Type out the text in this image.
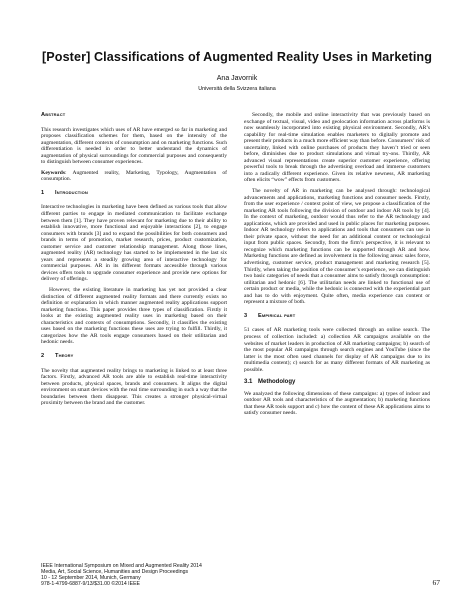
[Poster] Classifications of Augmented Reality Uses in Marketing
Ana Javornik
Università della Svizzera italiana
Abstract

This research investigates which uses of AR have emerged so far in marketing and proposes classification schemes for them, based on the intensity of the augmentation, different contexts of consumption and on marketing functions. Such differentiation is needed in order to better understand the dynamics of augmentation of physical surroundings for commercial purposes and consequently to distinguish between consumer experiences.

Keywords: Augmented reality, Marketing, Typology, Augmentation of consumption.

1 Introduction

Interactive technologies in marketing have been defined as various tools that allow different parties to engage in mediated communication to facilitate exchange between them [1]. They have proven relevant for marketing due to their ability to establish innovative, more functional and enjoyable interactions [2], to engage consumers with brands [3] and to expand the possibilities for both consumers and brands in terms of promotion, market research, prices, product customization, customer service and customer relationship management. Along those lines, augmented reality (AR) technology has started to be implemented in the last six years and represents a steadily growing area of interactive technology for commercial purposes. AR in its different formats accessible through various devices offers tools to upgrade consumer experience and provide new options for delivery of offerings.

However, the existing literature in marketing has yet not provided a clear distinction of different augmented reality formats and there currently exists no definition or explanation in which manner augmented reality applications support marketing functions. This paper provides three types of classification. Firstly it looks at the existing augmented reality uses in marketing based on their characteristics and contexts of consumptions. Secondly, it classifies the existing uses based on the marketing functions these uses are trying to fulfill. Thirdly, it categorizes how the AR tools engage consumers based on their utilitarian and hedonic needs.

2 Theory

The novelty that augmented reality brings to marketing is linked to at least three factors. Firstly, advanced AR tools are able to establish real-time interactivity between products, physical spaces, brands and consumers. It aligns the digital environment on smart devices with the real time surrounding in such a way that the boundaries between them disappear. This creates a stronger physical-virtual proximity between the brand and the customer.

Secondly, the mobile and online interactivity that was previously based on exchange of textual, visual, video and geolocation information across platforms is now seamlessly incorporated into existing physical environment. Secondly, AR’s capability for real-time simulation enables marketers to digitally promote and present their products in a much more efficient way than before. Consumers’ risk of uncertainty, linked with online purchases of products they haven’t tried or seen before, diminishes due to product simulations and virtual try-ons. Thirdly, AR advanced visual representations create superior customer experience, offering powerful tools to break through the advertising overload and immerse customers into a radically different experience. Given its relative newness, AR marketing often elicits “wow” effects from customers.

The novelty of AR in marketing can be analysed through: technological advancements and applications, marketing functions and consumer needs. Firstly, from the user experience / context point of view, we propose a classification of the marketing AR tools following the division of outdoor and indoor AR tools by [4]. In the context of marketing, outdoor would thus refer to the AR technology and applications, which are provided and used in public places for marketing purposes. Indoor AR technology refers to applications and tools that consumers can use in their private space, without the need for an additional content or technological input from public spaces. Secondly, from the firm’s perspective, it is relevant to recognize which marketing functions can be supported through AR and how. Marketing functions are defined as involvement in the following areas: sales force, advertising, customer service, product management and marketing research [5]. Thirdly, when taking the position of the consumer’s experience, we can distinguish two basic categories of needs that a consumer aims to satisfy through consumption: utilitarian and hedonic [6]. The utilitarian needs are linked to functional use of certain product or media, while the hedonic is connected with the experiential part and has to do with enjoyment. Quite often, media experience can content or represent a mixture of both.

3 Empirical part

51 cases of AR marketing tools were collected through an online search. The process of collection included: a) collection AR campaigns available on the websites of market leaders in production of AR marketing campaigns; b) search of the most popular AR campaigns through search engines and YouTube (since the latter is the most often used channels for display of AR campaigns due to its multimedia content); c) search for as many different formats of AR marketing as possible.

3.1 Methodology

We analyzed the following dimensions of these campaigns: a) types of indoor and outdoor AR tools and characteristics of the augmentation; b) marketing functions that these AR tools support and c) how the content of these AR applications aims to satisfy consumer needs.

IEEE International Symposium on Mixed and Augmented Reality 2014
Media, Art, Social Science, Humanities and Design Proceedings
10 - 12 September 2014, Munich, Germany
978-1-4799-6887-9/13/$31.00 ©2014 IEEE	67
